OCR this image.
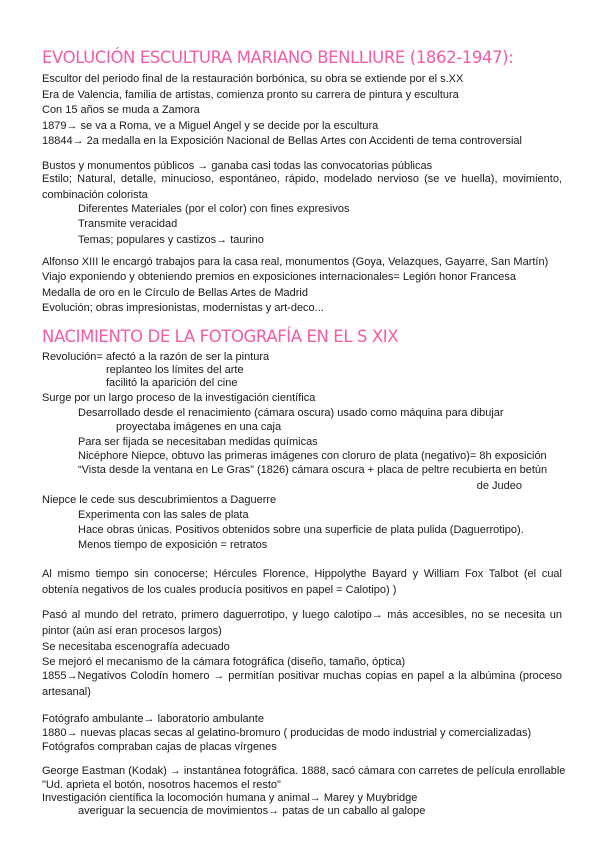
EVOLUCIÓN ESCULTURA MARIANO BENLLIURE (1862-1947):
Escultor del periodo final de la restauración borbónica, su obra se extiende por el s.XX
Era de Valencia, familia de artistas, comienza pronto su carrera de pintura y escultura
Con 15 años se muda a Zamora
1879→ se va a Roma, ve a Miguel Angel y se decide por la escultura
18844→ 2a medalla en la Exposición Nacional de Bellas Artes con Accidenti de tema controversial
Bustos y monumentos públicos → ganaba casi todas las convocatorias públicas
Estilo; Natural, detalle, minucioso, espontáneo, rápido, modelado nervioso (se ve huella), movimiento, combinación colorista
Diferentes Materiales (por el color) con fines expresivos
Transmite veracidad
Temas; populares y castizos→ taurino
Alfonso XIII le encargó trabajos para la casa real, monumentos (Goya, Velazques, Gayarre, San Martín)
Viajo exponiendo y obteniendo premios en exposiciones internacionales= Legión honor Francesa
Medalla de oro en le Círculo de Bellas Artes de Madrid
Evolución; obras impresionistas, modernistas y art-deco...
NACIMIENTO DE LA FOTOGRAFÍA EN EL S XIX
Revolución= afectó a la razón de ser la pintura
replanteo los límites del arte
facilitó la aparición del cine
Surge por un largo proceso de la investigación científica
Desarrollado desde el renacimiento (cámara oscura) usado como máquina para dibujar
proyectaba imágenes en una caja
Para ser fijada se necesitaban medidas químicas
Nicéphore Niepce, obtuvo las primeras imágenes con cloruro de plata (negativo)= 8h exposición
“Vista desde la ventana en Le Gras” (1826) cámara oscura + placa de peltre recubierta en betún
de Judeo
Niepce le cede sus descubrimientos a Daguerre
Experimenta con las sales de plata
Hace obras únicas. Positivos obtenidos sobre una superficie de plata pulida (Daguerrotipo).
Menos tiempo de exposición = retratos
Al mismo tiempo sin conocerse; Hércules Florence, Hippolythe Bayard y William Fox Talbot (el cual obtenía negativos de los cuales producía positivos en papel = Calotipo) )
Pasó al mundo del retrato, primero daguerrotipo, y luego calotipo→ más accesibles, no se necesita un pintor (aún así eran procesos largos)
Se necesitaba escenografía adecuado
Se mejoró el mecanismo de la cámara fotográfica (diseño, tamaño, óptica)
1855→Negativos Colodín homero → permitían positivar muchas copias en papel a la albúmina (proceso artesanal)
Fotógrafo ambulante→ laboratorio ambulante
1880→ nuevas placas secas al gelatino-bromuro ( producidas de modo industrial y comercializadas)
Fotógrafos compraban cajas de placas vírgenes
George Eastman (Kodak) → instantánea fotográfica. 1888, sacó cámara con carretes de película enrollable
"Ud. aprieta el botón, nosotros hacemos el resto"
Investigación científica la locomoción humana y animal→ Marey y Muybridge
averiguar la secuencia de movimientos→ patas de un caballo al galope
